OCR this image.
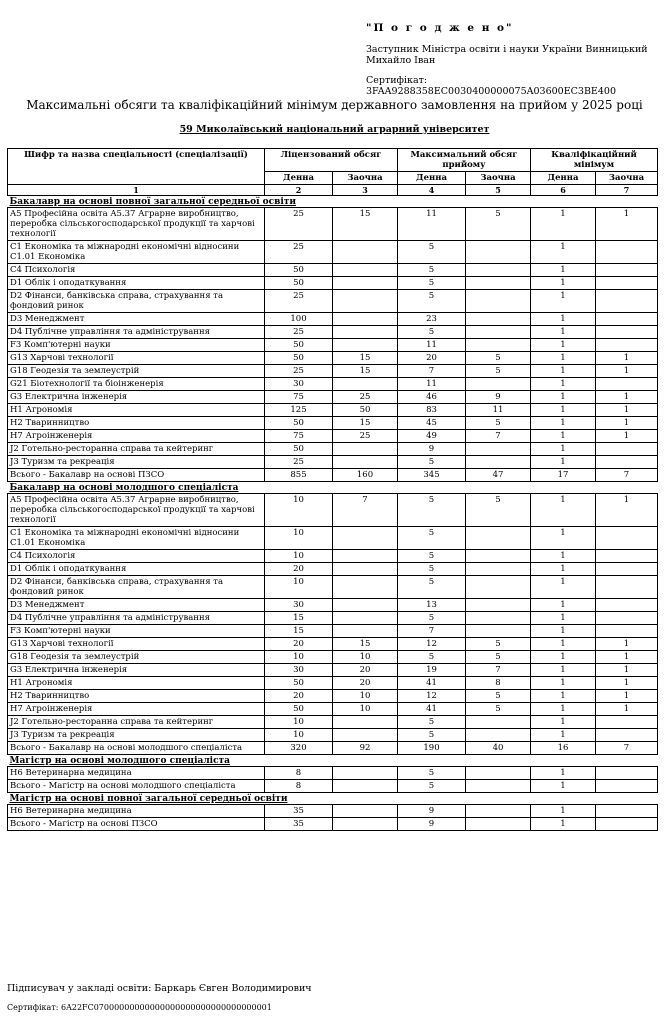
"П о г о д ж е н о"
Заступник Міністра освіти і науки України Винницький
Михайло Іван
Сертифікат: 3FAA9288358EC0030400000075A03600EC3BE400
Максимальні обсяги та кваліфікаційний мінімум державного замовлення на прийом у 2025 році
59 Миколаївський національний аграрний університет
Шифр та назва спеціальності (спеціалізації)	Ліцензований обсяг		Максимальний обсяг прийому		Кваліфікаційний мінімум	
	Денна	Заочна	Денна	Заочна	Денна	Заочна
1	2	3	4	5	6	7
Бакалавр на основі повної загальної середньої освіти						
A5 Професійна освіта A5.37 Аграрне виробництво, переробка сільськогосподарської продукції та харчові технології	25	15	11	5	1	1
C1 Економіка та міжнародні економічні відносини C1.01 Економіка	25		5		1	
C4 Психологія	50		5		1	
D1 Облік і оподаткування	50		5		1	
D2 Фінанси, банківська справа, страхування та фондовий ринок	25		5		1	
D3 Менеджмент	100		23		1	
D4 Публічне управління та адміністрування	25		5		1	
F3 Комп'ютерні науки	50		11		1	
G13 Харчові технології	50	15	20	5	1	1
G18 Геодезія та землеустрій	25	15	7	5	1	1
G21 Біотехнології та біоінженерія	30		11		1	
G3 Електрична інженерія	75	25	46	9	1	1
H1 Агрономія	125	50	83	11	1	1
H2 Тваринництво	50	15	45	5	1	1
H7 Агроінженерія	75	25	49	7	1	1
J2 Готельно-ресторанна справа та кейтеринг	50		9		1	
J3 Туризм та рекреація	25		5		1	
Всього - Бакалавр на основі ПЗСО	855	160	345	47	17	7
Бакалавр на основі молодшого спеціаліста						
A5 Професійна освіта A5.37 Аграрне виробництво, переробка сільськогосподарської продукції та харчові технології	10	7	5	5	1	1
C1 Економіка та міжнародні економічні відносини C1.01 Економіка	10		5		1	
C4 Психологія	10		5		1	
D1 Облік і оподаткування	20		5		1	
D2 Фінанси, банківська справа, страхування та фондовий ринок	10		5		1	
D3 Менеджмент	30		13		1	
D4 Публічне управління та адміністрування	15		5		1	
F3 Комп'ютерні науки	15		7		1	
G13 Харчові технології	20	15	12	5	1	1
G18 Геодезія та землеустрій	10	10	5	5	1	1
G3 Електрична інженерія	30	20	19	7	1	1
H1 Агрономія	50	20	41	8	1	1
H2 Тваринництво	20	10	12	5	1	1
H7 Агроінженерія	50	10	41	5	1	1
J2 Готельно-ресторанна справа та кейтеринг	10		5		1	
J3 Туризм та рекреація	10		5		1	
Всього - Бакалавр на основі молодшого спеціаліста	320	92	190	40	16	7
Магістр на основі молодшого спеціаліста						
H6 Ветеринарна медицина	8		5		1	
Всього - Магістр на основі молодшого спеціаліста	8		5		1	
Магістр на основі повної загальної середньої освіти						
H6 Ветеринарна медицина	35		9		1	
Всього - Магістр на основі ПЗСО	35		9		1	
Підписувач у закладі освіти: Баркарь Євген Володимирович
Сертифікат: 6A22FC07000000000000000000000000000000001
